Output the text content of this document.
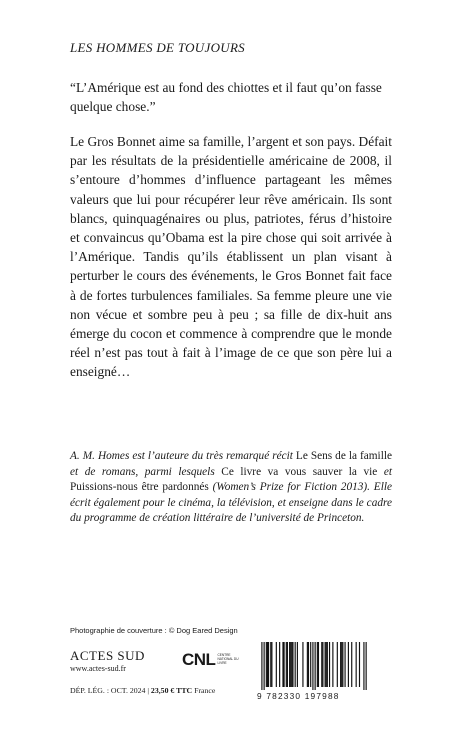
LES HOMMES DE TOUJOURS
“L’Amérique est au fond des chiottes et il faut qu’on fasse quelque chose.”
Le Gros Bonnet aime sa famille, l’argent et son pays. Défait par les résultats de la présidentielle américaine de 2008, il s’entoure d’hommes d’influence partageant les mêmes valeurs que lui pour récupérer leur rêve américain. Ils sont blancs, quinquagénaires ou plus, patriotes, férus d’histoire et convaincus qu’Obama est la pire chose qui soit arrivée à l’Amérique. Tandis qu’ils établissent un plan visant à perturber le cours des événements, le Gros Bonnet fait face à de fortes turbulences familiales. Sa femme pleure une vie non vécue et sombre peu à peu ; sa fille de dix-huit ans émerge du cocon et commence à comprendre que le monde réel n’est pas tout à fait à l’image de ce que son père lui a enseigné…
A. M. Homes est l’auteure du très remarqué récit Le Sens de la famille et de romans, parmi lesquels Ce livre va vous sauver la vie et Puissions-nous être pardonnés (Women’s Prize for Fiction 2013). Elle écrit également pour le cinéma, la télévision, et enseigne dans le cadre du programme de création littéraire de l’université de Princeton.
Photographie de couverture : © Dog Eared Design
ACTES SUD
www.actes-sud.fr
DÉP. LÉG. : OCT. 2024 | 23,50 € TTC France
CNL CENTRE NATIONAL DU LIVRE
9 782330 197988
